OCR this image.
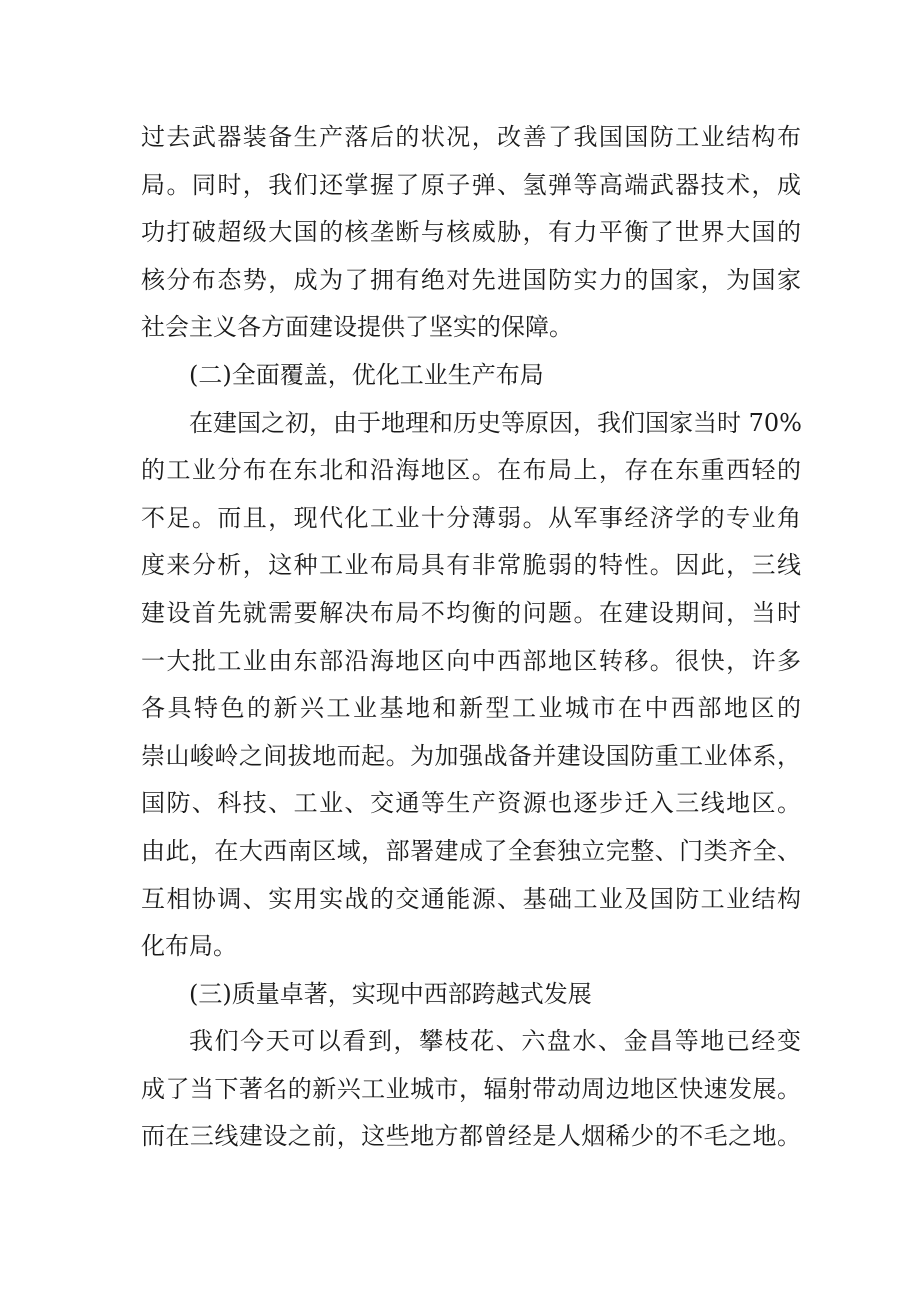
过去武器装备生产落后的状况，改善了我国国防工业结构布
局。同时，我们还掌握了原子弹、氢弹等高端武器技术，成
功打破超级大国的核垄断与核威胁，有力平衡了世界大国的
核分布态势，成为了拥有绝对先进国防实力的国家，为国家
社会主义各方面建设提供了坚实的保障。

(二)全面覆盖，优化工业生产布局

在建国之初，由于地理和历史等原因，我们国家当时 70%
的工业分布在东北和沿海地区。在布局上，存在东重西轻的
不足。而且，现代化工业十分薄弱。从军事经济学的专业角
度来分析，这种工业布局具有非常脆弱的特性。因此，三线
建设首先就需要解决布局不均衡的问题。在建设期间，当时
一大批工业由东部沿海地区向中西部地区转移。很快，许多
各具特色的新兴工业基地和新型工业城市在中西部地区的
崇山峻岭之间拔地而起。为加强战备并建设国防重工业体系，
国防、科技、工业、交通等生产资源也逐步迁入三线地区。
由此，在大西南区域，部署建成了全套独立完整、门类齐全、
互相协调、实用实战的交通能源、基础工业及国防工业结构
化布局。

(三)质量卓著，实现中西部跨越式发展

我们今天可以看到，攀枝花、六盘水、金昌等地已经变
成了当下著名的新兴工业城市，辐射带动周边地区快速发展。
而在三线建设之前，这些地方都曾经是人烟稀少的不毛之地。
